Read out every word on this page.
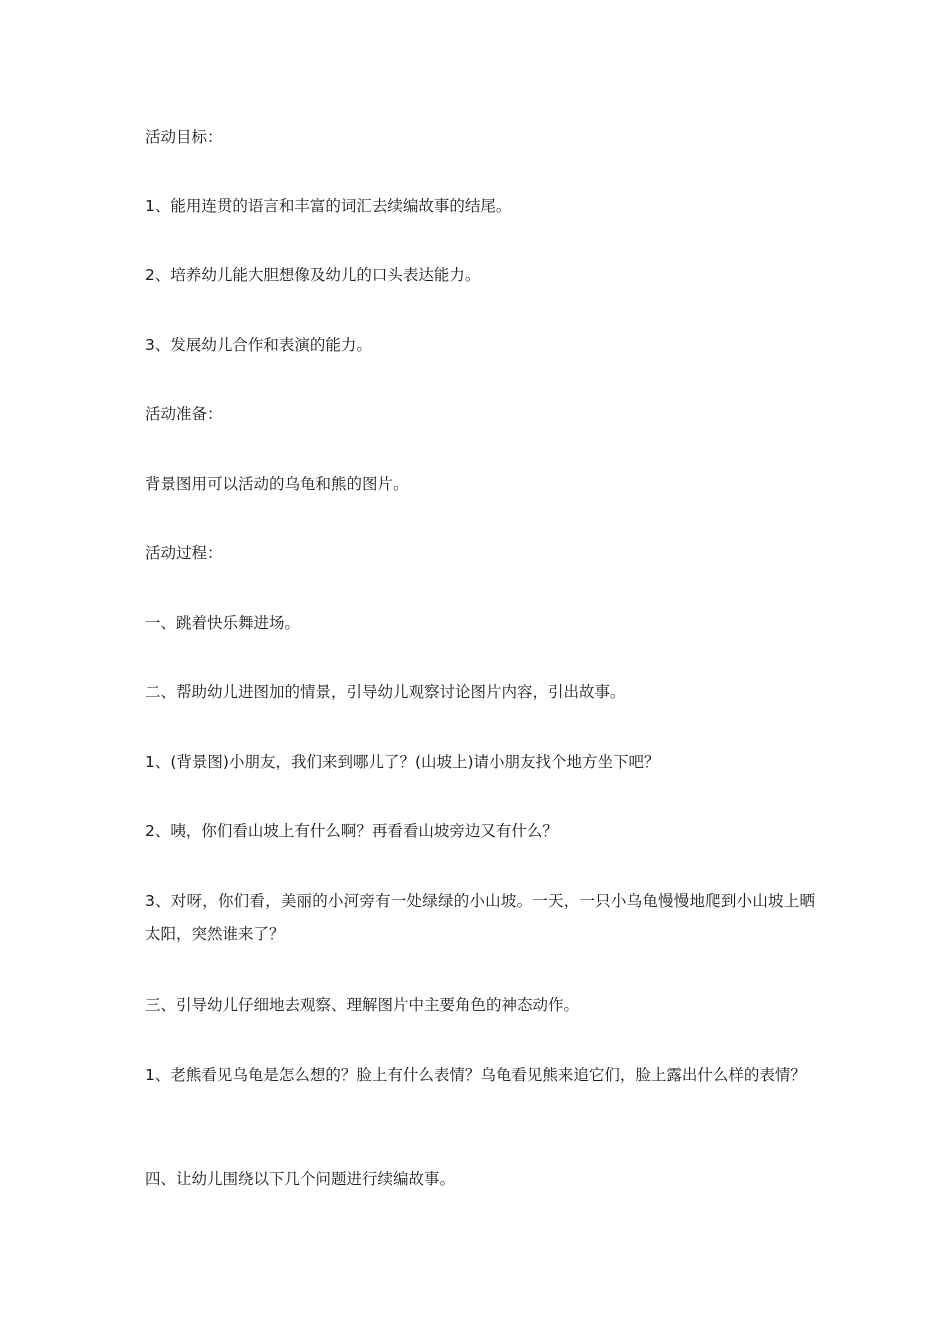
活动目标：

1、能用连贯的语言和丰富的词汇去续编故事的结尾。

2、培养幼儿能大胆想像及幼儿的口头表达能力。

3、发展幼儿合作和表演的能力。

活动准备：

背景图用可以活动的乌龟和熊的图片。

活动过程：

一、跳着快乐舞进场。

二、帮助幼儿进图加的情景，引导幼儿观察讨论图片内容，引出故事。

1、(背景图)小朋友，我们来到哪儿了？(山坡上)请小朋友找个地方坐下吧？

2、咦，你们看山坡上有什么啊？再看看山坡旁边又有什么？

3、对呀，你们看，美丽的小河旁有一处绿绿的小山坡。一天，一只小乌龟慢慢地爬到小山坡上晒太阳，突然谁来了？

三、引导幼儿仔细地去观察、理解图片中主要角色的神态动作。

1、老熊看见乌龟是怎么想的？脸上有什么表情？乌龟看见熊来追它们，脸上露出什么样的表情？

四、让幼儿围绕以下几个问题进行续编故事。
